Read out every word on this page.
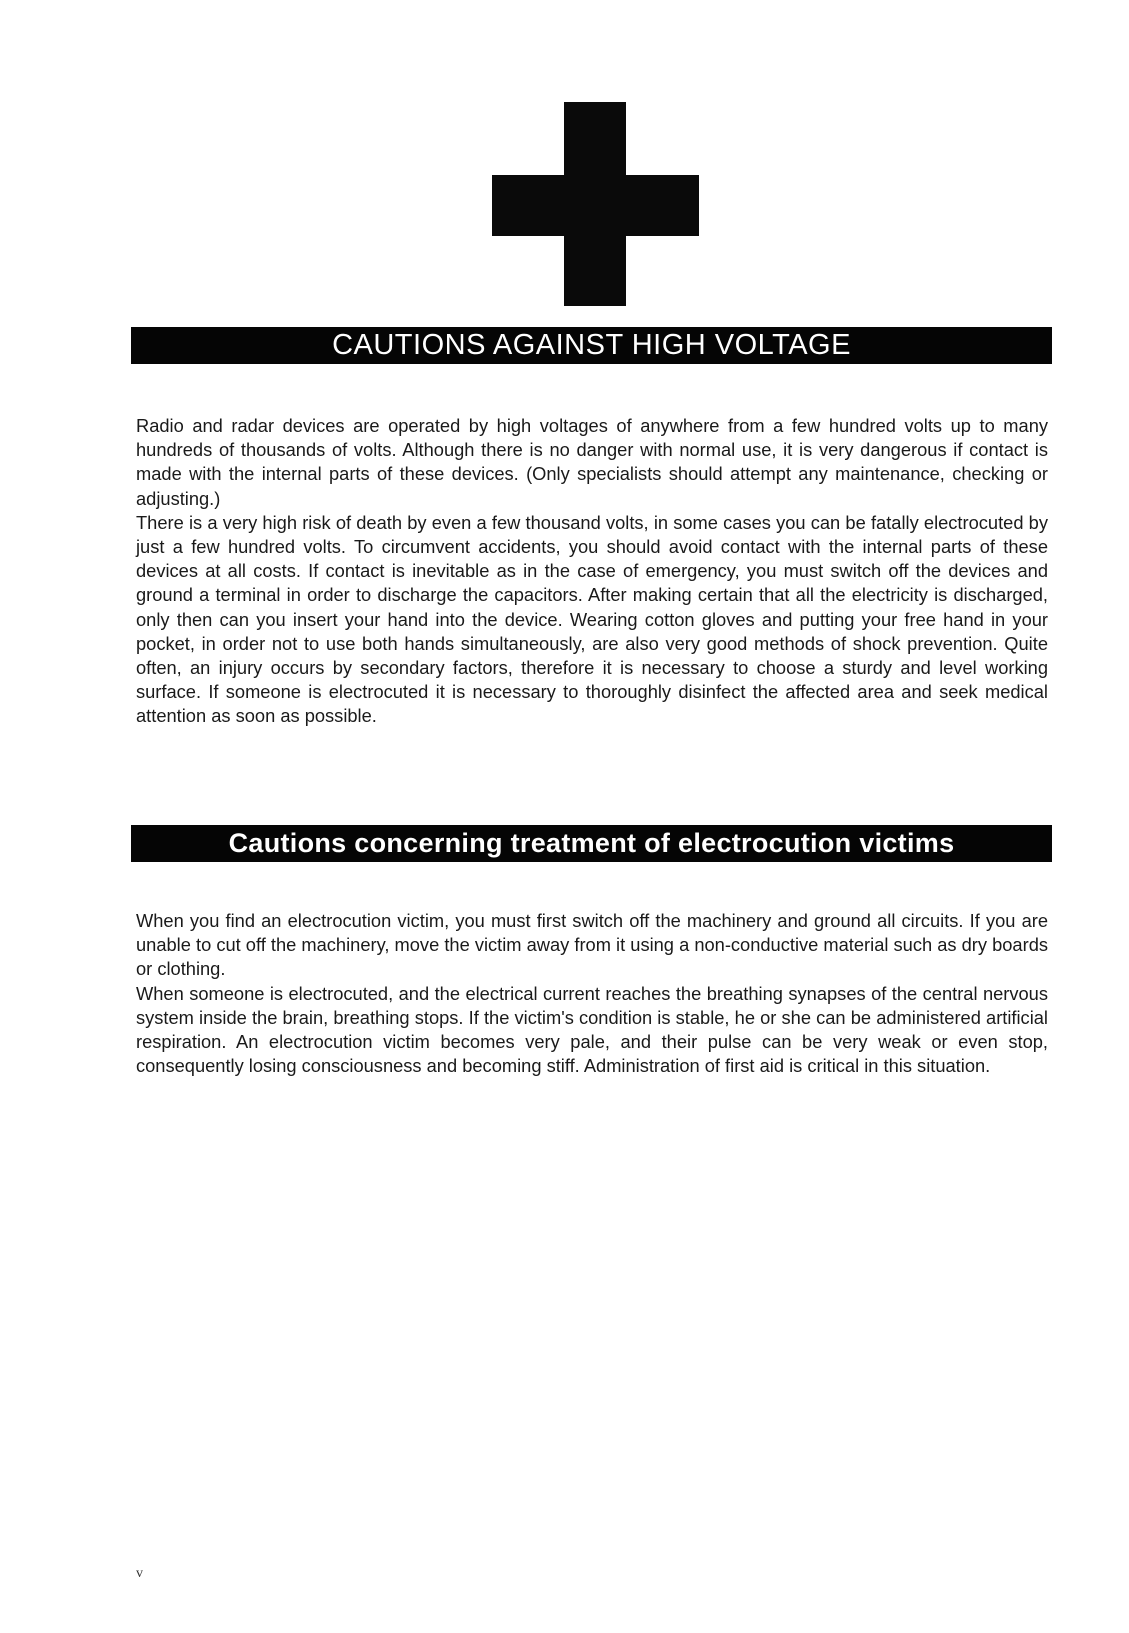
CAUTIONS AGAINST HIGH VOLTAGE

Radio and radar devices are operated by high voltages of anywhere from a few hundred volts up to many hundreds of thousands of volts. Although there is no danger with normal use, it is very dangerous if contact is made with the internal parts of these devices. (Only specialists should attempt any maintenance, checking or adjusting.)

There is a very high risk of death by even a few thousand volts, in some cases you can be fatally electrocuted by just a few hundred volts. To circumvent accidents, you should avoid contact with the internal parts of these devices at all costs. If contact is inevitable as in the case of emergency, you must switch off the devices and ground a terminal in order to discharge the capacitors. After making certain that all the electricity is discharged, only then can you insert your hand into the device. Wearing cotton gloves and putting your free hand in your pocket, in order not to use both hands simultaneously, are also very good methods of shock prevention. Quite often, an injury occurs by secondary factors, therefore it is necessary to choose a sturdy and level working surface. If someone is electrocuted it is necessary to thoroughly disinfect the affected area and seek medical attention as soon as possible.

Cautions concerning treatment of electrocution victims

When you find an electrocution victim, you must first switch off the machinery and ground all circuits. If you are unable to cut off the machinery, move the victim away from it using a non-conductive material such as dry boards or clothing.

When someone is electrocuted, and the electrical current reaches the breathing synapses of the central nervous system inside the brain, breathing stops. If the victim's condition is stable, he or she can be administered artificial respiration. An electrocution victim becomes very pale, and their pulse can be very weak or even stop, consequently losing consciousness and becoming stiff. Administration of first aid is critical in this situation.

v
